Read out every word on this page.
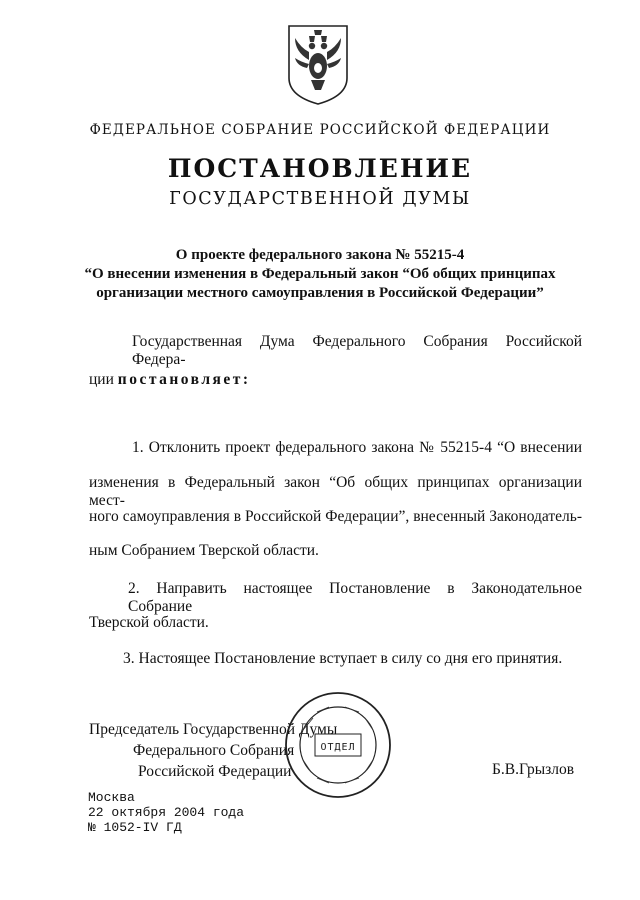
ФЕДЕРАЛЬНОЕ СОБРАНИЕ РОССИЙСКОЙ ФЕДЕРАЦИИ
ПОСТАНОВЛЕНИЕ
ГОСУДАРСТВЕННОЙ ДУМЫ
О проекте федерального закона № 55215-4
“О внесении изменения в Федеральный закон “Об общих принципах
организации местного самоуправления в Российской Федерации”
Государственная Дума Федерального Собрания Российской Федера-
ции постановляет:
1. Отклонить проект федерального закона № 55215-4 “О внесении
изменения в Федеральный закон “Об общих принципах организации мест-
ного самоуправления в Российской Федерации”, внесенный Законодатель-
ным Собранием Тверской области.
2. Направить настоящее Постановление в Законодательное Собрание
Тверской области.
3. Настоящее Постановление вступает в силу со дня его принятия.
Председатель Государственной Думы
Федерального Собрания
Российской Федерации	Б.В.Грызлов
ОТДЕЛ
Москва
22 октября 2004 года
№ 1052-IV ГД
